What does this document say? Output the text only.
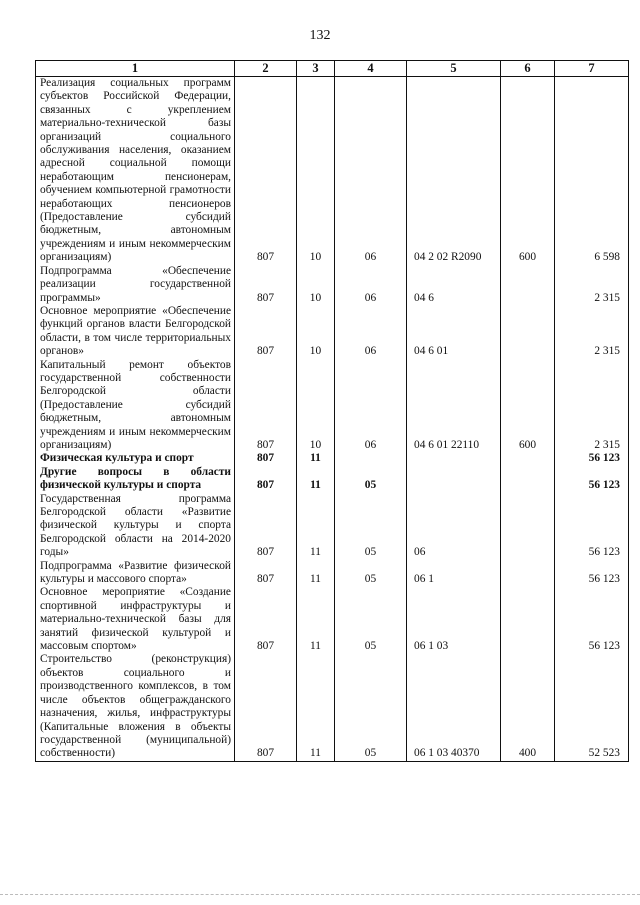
132
1	2	3	4	5	6	7
Реализация социальных программ субъектов Российской Федерации, связанных с укреплением материально-технической базы организаций социального обслуживания населения, оказанием адресной социальной помощи неработающим пенсионерам, обучением компьютерной грамотности неработающих пенсионеров (Предоставление субсидий бюджетным, автономным учреждениям и иным некоммерческим организациям)	807	10	06	04 2 02 R2090	600	6 598
Подпрограмма «Обеспечение реализации государственной программы»	807	10	06	04 6		2 315
Основное мероприятие «Обеспечение функций органов власти Белгородской области, в том числе территориальных органов»	807	10	06	04 6 01		2 315
Капитальный ремонт объектов государственной собственности Белгородской области (Предоставление субсидий бюджетным, автономным учреждениям и иным некоммерческим организациям)	807	10	06	04 6 01 22110	600	2 315
Физическая культура и спорт	807	11				56 123
Другие вопросы в области физической культуры и спорта	807	11	05			56 123
Государственная программа Белгородской области «Развитие физической культуры и спорта Белгородской области на 2014-2020 годы»	807	11	05	06		56 123
Подпрограмма «Развитие физической культуры и массового спорта»	807	11	05	06 1		56 123
Основное мероприятие «Создание спортивной инфраструктуры и материально-технической базы для занятий физической культурой и массовым спортом»	807	11	05	06 1 03		56 123
Строительство (реконструкция) объектов социального и производственного комплексов, в том числе объектов общегражданского назначения, жилья, инфраструктуры (Капитальные вложения в объекты государственной (муниципальной) собственности)	807	11	05	06 1 03 40370	400	52 523
